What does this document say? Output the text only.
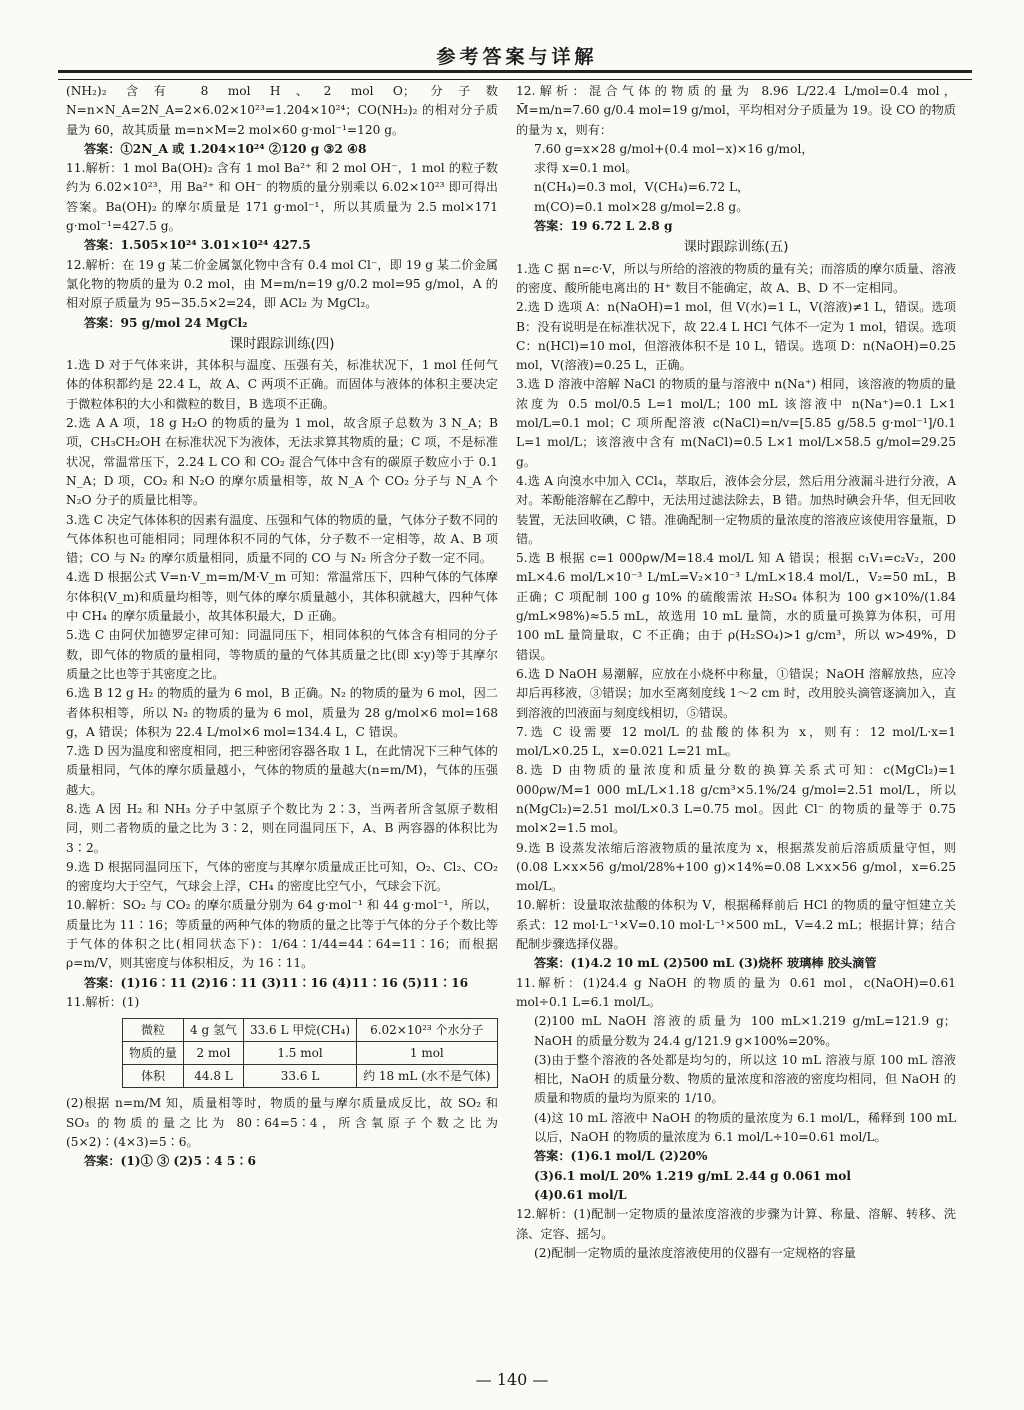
参考答案与详解

(NH₂)₂ 含有 8 mol H、2 mol O；分子数 N=n×N_A=2N_A=2×6.02×10²³=1.204×10²⁴；CO(NH₂)₂ 的相对分子质量为 60，故其质量 m=n×M=2 mol×60 g·mol⁻¹=120 g。

答案：①2N_A 或 1.204×10²⁴ ②120 g ③2 ④8

11.解析：1 mol Ba(OH)₂ 含有 1 mol Ba²⁺ 和 2 mol OH⁻，1 mol 的粒子数约为 6.02×10²³，用 Ba²⁺ 和 OH⁻ 的物质的量分别乘以 6.02×10²³ 即可得出答案。Ba(OH)₂ 的摩尔质量是 171 g·mol⁻¹，所以其质量为 2.5 mol×171 g·mol⁻¹=427.5 g。

答案：1.505×10²⁴ 3.01×10²⁴ 427.5

12.解析：在 19 g 某二价金属氯化物中含有 0.4 mol Cl⁻，即 19 g 某二价金属氯化物的物质的量为 0.2 mol，由 M=m/n=19 g/0.2 mol=95 g/mol，A 的相对原子质量为 95−35.5×2=24，即 ACl₂ 为 MgCl₂。

答案：95 g/mol 24 MgCl₂

课时跟踪训练(四)

1.选 D 对于气体来讲，其体积与温度、压强有关，标准状况下，1 mol 任何气体的体积都约是 22.4 L，故 A、C 两项不正确。而固体与液体的体积主要决定于微粒体积的大小和微粒的数目，B 选项不正确。

2.选 A A 项，18 g H₂O 的物质的量为 1 mol，故含原子总数为 3 N_A；B 项，CH₃CH₂OH 在标准状况下为液体，无法求算其物质的量；C 项，不是标准状况，常温常压下，2.24 L CO 和 CO₂ 混合气体中含有的碳原子数应小于 0.1 N_A；D 项，CO₂ 和 N₂O 的摩尔质量相等，故 N_A 个 CO₂ 分子与 N_A 个 N₂O 分子的质量比相等。

3.选 C 决定气体体积的因素有温度、压强和气体的物质的量，气体分子数不同的气体体积也可能相同；同理体积不同的气体，分子数不一定相等，故 A、B 项错；CO 与 N₂ 的摩尔质量相同，质量不同的 CO 与 N₂ 所含分子数一定不同。

4.选 D 根据公式 V=n·V_m=m/M·V_m 可知：常温常压下，四种气体的气体摩尔体积(V_m)和质量均相等，则气体的摩尔质量越小，其体积就越大，四种气体中 CH₄ 的摩尔质量最小，故其体积最大，D 正确。

5.选 C 由阿伏加德罗定律可知：同温同压下，相同体积的气体含有相同的分子数，即气体的物质的量相同，等物质的量的气体其质量之比(即 x∶y)等于其摩尔质量之比也等于其密度之比。

6.选 B 12 g H₂ 的物质的量为 6 mol，B 正确。N₂ 的物质的量为 6 mol，因二者体积相等，所以 N₂ 的物质的量为 6 mol，质量为 28 g/mol×6 mol=168 g，A 错误；体积为 22.4 L/mol×6 mol=134.4 L，C 错误。

7.选 D 因为温度和密度相同，把三种密闭容器各取 1 L，在此情况下三种气体的质量相同，气体的摩尔质量越小，气体的物质的量越大(n=m/M)，气体的压强越大。

8.选 A 因 H₂ 和 NH₃ 分子中氢原子个数比为 2∶3，当两者所含氢原子数相同，则二者物质的量之比为 3∶2，则在同温同压下，A、B 两容器的体积比为 3∶2。

9.选 D 根据同温同压下，气体的密度与其摩尔质量成正比可知，O₂、Cl₂、CO₂ 的密度均大于空气，气球会上浮，CH₄ 的密度比空气小，气球会下沉。

10.解析：SO₂ 与 CO₂ 的摩尔质量分别为 64 g·mol⁻¹ 和 44 g·mol⁻¹，所以，质量比为 11∶16；等质量的两种气体的物质的量之比等于气体的分子个数比等于气体的体积之比(相同状态下)：1/64∶1/44=44∶64=11∶16；而根据 ρ=m/V，则其密度与体积相反，为 16∶11。

答案：(1)16∶11 (2)16∶11 (3)11∶16 (4)11∶16 (5)11∶16

11.解析：(1)

微粒	4 g 氢气	33.6 L 甲烷(CH₄)	6.02×10²³ 个水分子
物质的量	2 mol	1.5 mol	1 mol
体积	44.8 L	33.6 L	约 18 mL (水不是气体)

(2)根据 n=m/M 知，质量相等时，物质的量与摩尔质量成反比，故 SO₂ 和 SO₃ 的物质的量之比为 80∶64=5∶4，所含氧原子个数之比为(5×2)∶(4×3)=5∶6。

答案：(1)① ③ (2)5∶4 5∶6

12.解析：混合气体的物质的量为 8.96 L/22.4 L/mol=0.4 mol，M̄=m/n=7.60 g/0.4 mol=19 g/mol，平均相对分子质量为 19。设 CO 的物质的量为 x，则有：

7.60 g=x×28 g/mol+(0.4 mol−x)×16 g/mol，

求得 x=0.1 mol。

n(CH₄)=0.3 mol，V(CH₄)=6.72 L，

m(CO)=0.1 mol×28 g/mol=2.8 g。

答案：19 6.72 L 2.8 g

课时跟踪训练(五)

1.选 C 据 n=c·V，所以与所给的溶液的物质的量有关；而溶质的摩尔质量、溶液的密度、酸所能电离出的 H⁺ 数目不能确定，故 A、B、D 不一定相同。

2.选 D 选项 A：n(NaOH)=1 mol，但 V(水)=1 L，V(溶液)≠1 L，错误。选项 B：没有说明是在标准状况下，故 22.4 L HCl 气体不一定为 1 mol，错误。选项 C：n(HCl)=10 mol，但溶液体积不是 10 L，错误。选项 D：n(NaOH)=0.25 mol，V(溶液)=0.25 L，正确。

3.选 D 溶液中溶解 NaCl 的物质的量与溶液中 n(Na⁺) 相同，该溶液的物质的量浓度为 0.5 mol/0.5 L=1 mol/L；100 mL 该溶液中 n(Na⁺)=0.1 L×1 mol/L=0.1 mol；C 项所配溶液 c(NaCl)=n/v=[5.85 g/58.5 g·mol⁻¹]/0.1 L=1 mol/L；该溶液中含有 m(NaCl)=0.5 L×1 mol/L×58.5 g/mol=29.25 g。

4.选 A 向溴水中加入 CCl₄，萃取后，液体会分层，然后用分液漏斗进行分液，A 对。苯酚能溶解在乙醇中，无法用过滤法除去，B 错。加热时碘会升华，但无回收装置，无法回收碘，C 错。准确配制一定物质的量浓度的溶液应该使用容量瓶，D 错。

5.选 B 根据 c=1 000ρw/M=18.4 mol/L 知 A 错误；根据 c₁V₁=c₂V₂，200 mL×4.6 mol/L×10⁻³ L/mL=V₂×10⁻³ L/mL×18.4 mol/L，V₂=50 mL，B 正确；C 项配制 100 g 10% 的硫酸需浓 H₂SO₄ 体积为 100 g×10%/(1.84 g/mL×98%)≈5.5 mL，故选用 10 mL 量筒，水的质量可换算为体积，可用 100 mL 量筒量取，C 不正确；由于 ρ(H₂SO₄)>1 g/cm³，所以 w>49%，D 错误。

6.选 D NaOH 易潮解，应放在小烧杯中称量，①错误；NaOH 溶解放热，应冷却后再移液，③错误；加水至离刻度线 1～2 cm 时，改用胶头滴管逐滴加入，直到溶液的凹液面与刻度线相切，⑤错误。

7.选 C 设需要 12 mol/L 的盐酸的体积为 x，则有：12 mol/L·x=1 mol/L×0.25 L，x=0.021 L=21 mL。

8.选 D 由物质的量浓度和质量分数的换算关系式可知：c(MgCl₂)=1 000ρw/M=1 000 mL/L×1.18 g/cm³×5.1%/24 g/mol=2.51 mol/L，所以 n(MgCl₂)=2.51 mol/L×0.3 L=0.75 mol。因此 Cl⁻ 的物质的量等于 0.75 mol×2=1.5 mol。

9.选 B 设蒸发浓缩后溶液物质的量浓度为 x，根据蒸发前后溶质质量守恒，则(0.08 L×x×56 g/mol/28%+100 g)×14%=0.08 L×x×56 g/mol，x=6.25 mol/L。

10.解析：设量取浓盐酸的体积为 V，根据稀释前后 HCl 的物质的量守恒建立关系式：12 mol·L⁻¹×V=0.10 mol·L⁻¹×500 mL，V=4.2 mL；根据计算；结合配制步骤选择仪器。

答案：(1)4.2 10 mL (2)500 mL (3)烧杯 玻璃棒 胶头滴管

11.解析：(1)24.4 g NaOH 的物质的量为 0.61 mol，c(NaOH)=0.61 mol÷0.1 L=6.1 mol/L。

(2)100 mL NaOH 溶液的质量为 100 mL×1.219 g/mL=121.9 g；NaOH 的质量分数为 24.4 g/121.9 g×100%=20%。

(3)由于整个溶液的各处都是均匀的，所以这 10 mL 溶液与原 100 mL 溶液相比，NaOH 的质量分数、物质的量浓度和溶液的密度均相同，但 NaOH 的质量和物质的量均为原来的 1/10。

(4)这 10 mL 溶液中 NaOH 的物质的量浓度为 6.1 mol/L，稀释到 100 mL 以后，NaOH 的物质的量浓度为 6.1 mol/L÷10=0.61 mol/L。

答案：(1)6.1 mol/L (2)20%

(3)6.1 mol/L 20% 1.219 g/mL 2.44 g 0.061 mol

(4)0.61 mol/L

12.解析：(1)配制一定物质的量浓度溶液的步骤为计算、称量、溶解、转移、洗涤、定容、摇匀。

(2)配制一定物质的量浓度溶液使用的仪器有一定规格的容量

— 140 —
